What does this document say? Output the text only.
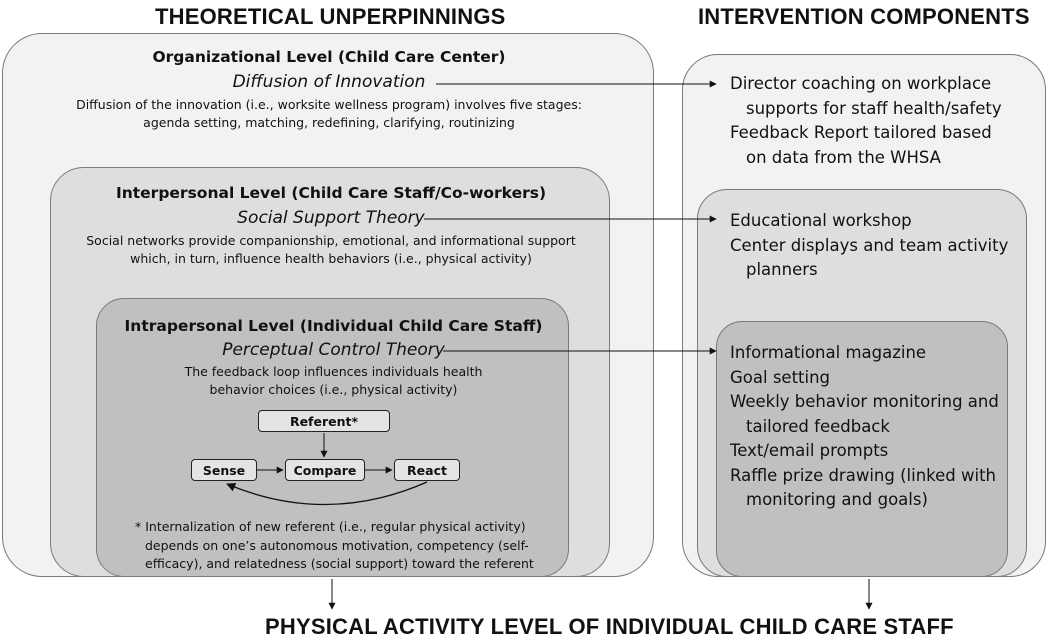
THEORETICAL UNPERPINNINGS	INTERVENTION COMPONENTS
PHYSICAL ACTIVITY LEVEL OF INDIVIDUAL CHILD CARE STAFF
Organizational Level (Child Care Center)
Diffusion of Innovation
Diffusion of the innovation (i.e., worksite wellness program) involves five stages:
agenda setting, matching, redefining, clarifying, routinizing
Interpersonal Level (Child Care Staff/Co-workers)
Social Support Theory
Social networks provide companionship, emotional, and informational support
which, in turn, influence health behaviors (i.e., physical activity)
Intrapersonal Level (Individual Child Care Staff)
Perceptual Control Theory
The feedback loop influences individuals health
behavior choices (i.e., physical activity)
* Internalization of new referent (i.e., regular physical activity)
depends on one’s autonomous motivation, competency (self-
efficacy), and relatedness (social support) toward the referent
Referent*
Sense	Compare	React
Director coaching on workplace
supports for staff health/safety
Feedback Report tailored based
on data from the WHSA
Educational workshop
Center displays and team activity
planners
Informational magazine
Goal setting
Weekly behavior monitoring and
tailored feedback
Text/email prompts
Raffle prize drawing (linked with
monitoring and goals)
